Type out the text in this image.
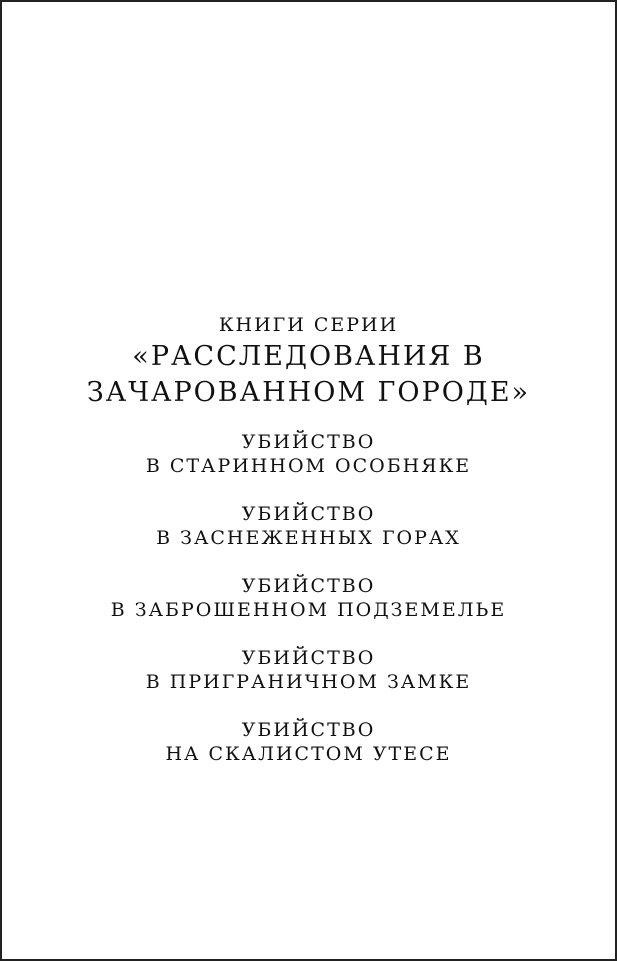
КНИГИ СЕРИИ

«РАССЛЕДОВАНИЯ В
ЗАЧАРОВАННОМ ГОРОДЕ»
УБИЙСТВО
В СТАРИННОМ ОСОБНЯКЕ
УБИЙСТВО
В ЗАСНЕЖЕННЫХ ГОРАХ
УБИЙСТВО
В ЗАБРОШЕННОМ ПОДЗЕМЕЛЬЕ
УБИЙСТВО
В ПРИГРАНИЧНОМ ЗАМКЕ
УБИЙСТВО
НА СКАЛИСТОМ УТЕСЕ
